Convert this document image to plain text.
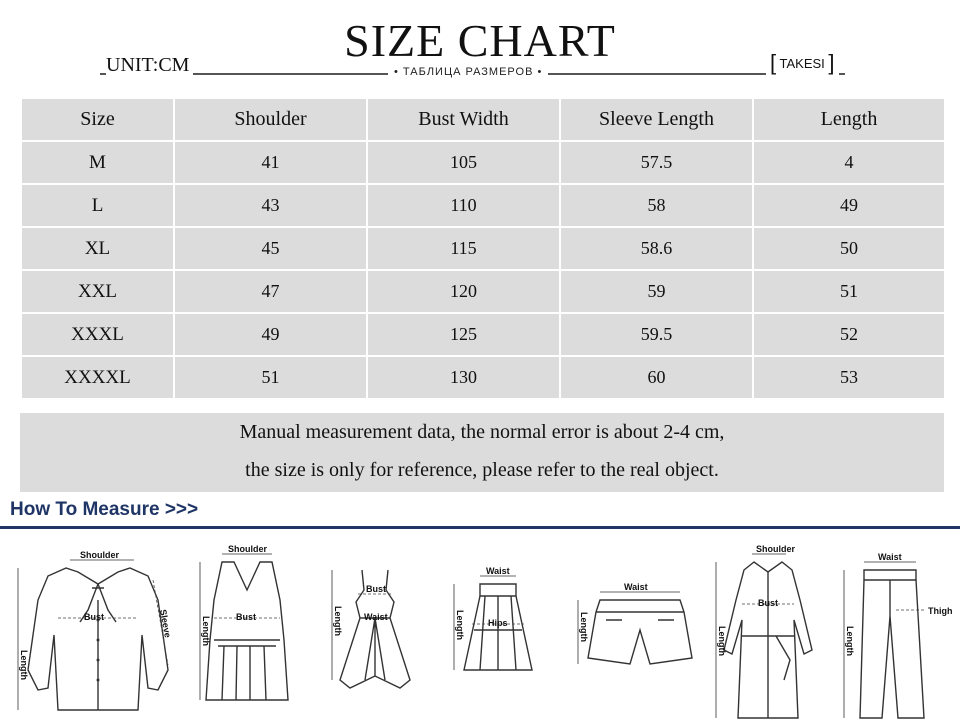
SIZE CHART
UNIT:CM	• ТАБЛИЦА РАЗМЕРОВ •	[ TAKESI ]
Size	Shoulder	Bust Width	Sleeve Length	Length
M	41	105	57.5	4
L	43	110	58	49
XL	45	115	58.6	50
XXL	47	120	59	51
XXXL	49	125	59.5	52
XXXXL	51	130	60	53
Manual measurement data, the normal error is about 2-4 cm,
the size is only for reference, please refer to the real object.
How To Measure >>>
Shoulder
Bust
Length
Sleeve
Shoulder
Bust
Length
Bust
Waist
Length
Waist
Hips
Length
Waist
Length
Shoulder
Bust
Length
Waist
Thigh
Length
